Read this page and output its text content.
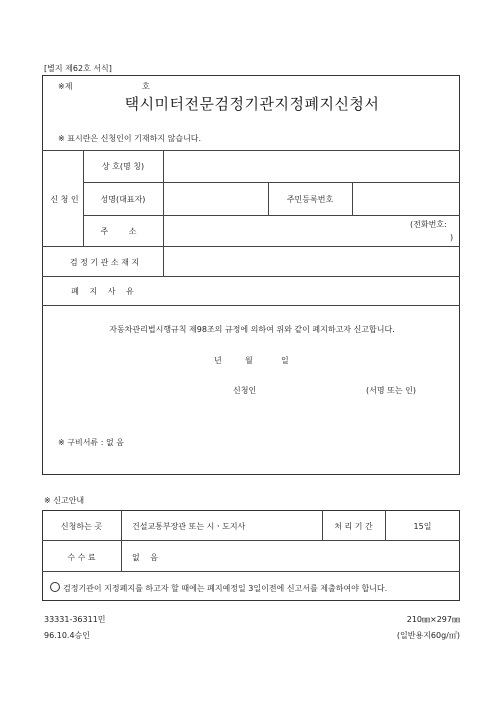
[별지 제62호 서식]
※제	호
택시미터전문검정기관지정폐지신청서
※ 표시란은 신청인이 기재하지 않습니다.
신 청 인
상 호(명 칭)
성명(대표자)	주민등록번호
주 소
(전화번호:
)
검 정 기 관 소 재 지
폐 지 사 유
자동차관리법시행규칙 제98조의 규정에 의하여 위와 같이 폐지하고자 신고합니다.
년	월	일
신청인	(서명 또는 인)
※ 구비서류 : 없 음
※ 신고안내
신청하는 곳	건설교통부장관 또는 시ㆍ도지사	처 리 기 간	15일
수 수 료	없 음
검정기관이 지정폐지를 하고자 할 때에는 폐지예정일 3일이전에 신고서를 제출하여야 합니다.
33331-36311민
96.10.4승인
210㎜×297㎜
(일반용지60g/㎡)
